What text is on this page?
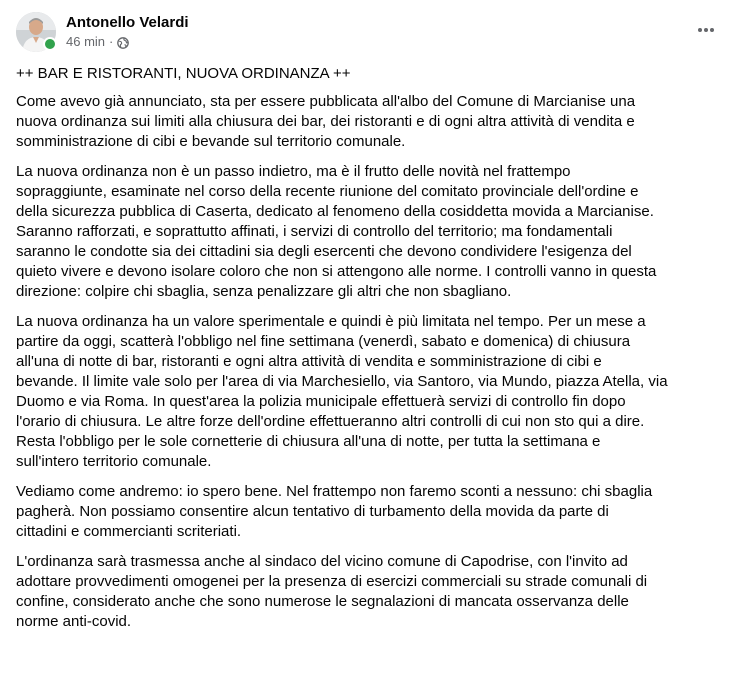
Antonello Velardi
46 min ·

++ BAR E RISTORANTI, NUOVA ORDINANZA ++

Come avevo già annunciato, sta per essere pubblicata all'albo del Comune di Marcianise una
nuova ordinanza sui limiti alla chiusura dei bar, dei ristoranti e di ogni altra attività di vendita e
somministrazione di cibi e bevande sul territorio comunale.

La nuova ordinanza non è un passo indietro, ma è il frutto delle novità nel frattempo
sopraggiunte, esaminate nel corso della recente riunione del comitato provinciale dell'ordine e
della sicurezza pubblica di Caserta, dedicato al fenomeno della cosiddetta movida a Marcianise.
Saranno rafforzati, e soprattutto affinati, i servizi di controllo del territorio; ma fondamentali
saranno le condotte sia dei cittadini sia degli esercenti che devono condividere l'esigenza del
quieto vivere e devono isolare coloro che non si attengono alle norme. I controlli vanno in questa
direzione: colpire chi sbaglia, senza penalizzare gli altri che non sbagliano.

La nuova ordinanza ha un valore sperimentale e quindi è più limitata nel tempo. Per un mese a
partire da oggi, scatterà l'obbligo nel fine settimana (venerdì, sabato e domenica) di chiusura
all'una di notte di bar, ristoranti e ogni altra attività di vendita e somministrazione di cibi e
bevande. Il limite vale solo per l'area di via Marchesiello, via Santoro, via Mundo, piazza Atella, via
Duomo e via Roma. In quest'area la polizia municipale effettuerà servizi di controllo fin dopo
l'orario di chiusura. Le altre forze dell'ordine effettueranno altri controlli di cui non sto qui a dire.
Resta l'obbligo per le sole cornetterie di chiusura all'una di notte, per tutta la settimana e
sull'intero territorio comunale.

Vediamo come andremo: io spero bene. Nel frattempo non faremo sconti a nessuno: chi sbaglia
pagherà. Non possiamo consentire alcun tentativo di turbamento della movida da parte di
cittadini e commercianti scriteriati.

L'ordinanza sarà trasmessa anche al sindaco del vicino comune di Capodrise, con l'invito ad
adottare provvedimenti omogenei per la presenza di esercizi commerciali su strade comunali di
confine, considerato anche che sono numerose le segnalazioni di mancata osservanza delle
norme anti-covid.
